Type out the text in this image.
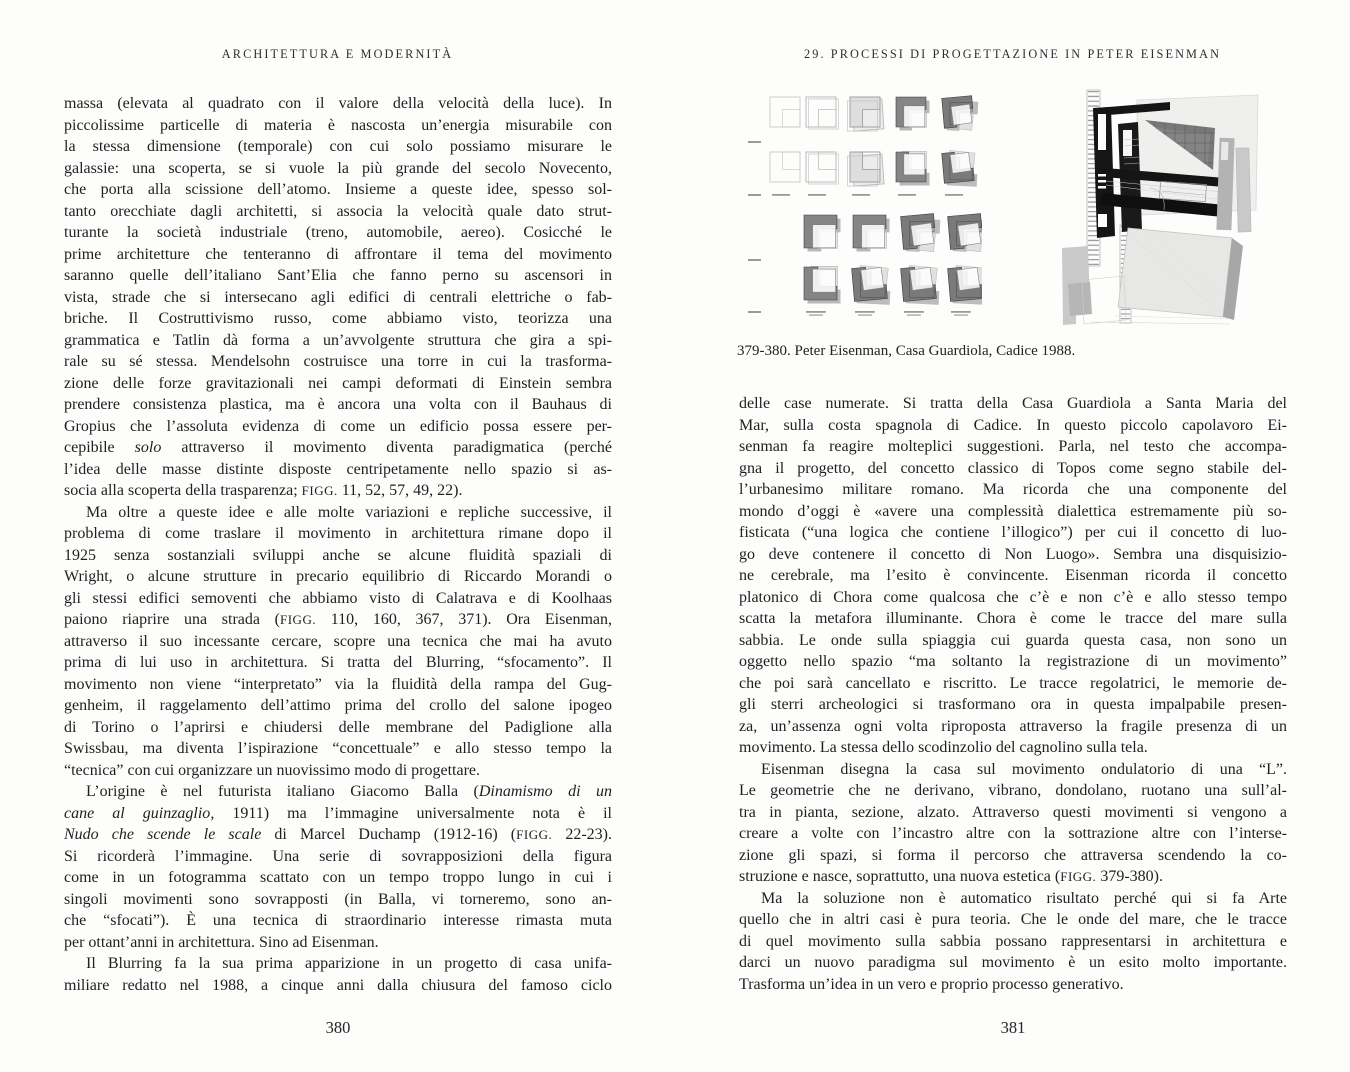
ARCHITETTURA E MODERNITÀ
massa (elevata al quadrato con il valore della velocità della luce). In
piccolissime particelle di materia è nascosta un’energia misurabile con
la stessa dimensione (temporale) con cui solo possiamo misurare le
galassie: una scoperta, se si vuole la più grande del secolo Novecento,
che porta alla scissione dell’atomo. Insieme a queste idee, spesso sol-
tanto orecchiate dagli architetti, si associa la velocità quale dato strut-
turante la società industriale (treno, automobile, aereo). Cosicché le
prime architetture che tenteranno di affrontare il tema del movimento
saranno quelle dell’italiano Sant’Elia che fanno perno su ascensori in
vista, strade che si intersecano agli edifici di centrali elettriche o fab-
briche. Il Costruttivismo russo, come abbiamo visto, teorizza una
grammatica e Tatlin dà forma a un’avvolgente struttura che gira a spi-
rale su sé stessa. Mendelsohn costruisce una torre in cui la trasforma-
zione delle forze gravitazionali nei campi deformati di Einstein sembra
prendere consistenza plastica, ma è ancora una volta con il Bauhaus di
Gropius che l’assoluta evidenza di come un edificio possa essere per-
cepibile solo attraverso il movimento diventa paradigmatica (perché
l’idea delle masse distinte disposte centripetamente nello spazio si as-
socia alla scoperta della trasparenza; FIGG. 11, 52, 57, 49, 22).
Ma oltre a queste idee e alle molte variazioni e repliche successive, il
problema di come traslare il movimento in architettura rimane dopo il
1925 senza sostanziali sviluppi anche se alcune fluidità spaziali di
Wright, o alcune strutture in precario equilibrio di Riccardo Morandi o
gli stessi edifici semoventi che abbiamo visto di Calatrava e di Koolhaas
paiono riaprire una strada (FIGG. 110, 160, 367, 371). Ora Eisenman,
attraverso il suo incessante cercare, scopre una tecnica che mai ha avuto
prima di lui uso in architettura. Si tratta del Blurring, “sfocamento”. Il
movimento non viene “interpretato” via la fluidità della rampa del Gug-
genheim, il raggelamento dell’attimo prima del crollo del salone ipogeo
di Torino o l’aprirsi e chiudersi delle membrane del Padiglione alla
Swissbau, ma diventa l’ispirazione “concettuale” e allo stesso tempo la
“tecnica” con cui organizzare un nuovissimo modo di progettare.
L’origine è nel futurista italiano Giacomo Balla (Dinamismo di un
cane al guinzaglio, 1911) ma l’immagine universalmente nota è il
Nudo che scende le scale di Marcel Duchamp (1912-16) (FIGG. 22-23).
Si ricorderà l’immagine. Una serie di sovrapposizioni della figura
come in un fotogramma scattato con un tempo troppo lungo in cui i
singoli movimenti sono sovrapposti (in Balla, vi torneremo, sono an-
che “sfocati”). È una tecnica di straordinario interesse rimasta muta
per ottant’anni in architettura. Sino ad Eisenman.
Il Blurring fa la sua prima apparizione in un progetto di casa unifa-
miliare redatto nel 1988, a cinque anni dalla chiusura del famoso ciclo
380
29. PROCESSI DI PROGETTAZIONE IN PETER EISENMAN
379-380. Peter Eisenman, Casa Guardiola, Cadice 1988.
delle case numerate. Si tratta della Casa Guardiola a Santa Maria del
Mar, sulla costa spagnola di Cadice. In questo piccolo capolavoro Ei-
senman fa reagire molteplici suggestioni. Parla, nel testo che accompa-
gna il progetto, del concetto classico di Topos come segno stabile del-
l’urbanesimo militare romano. Ma ricorda che una componente del
mondo d’oggi è «avere una complessità dialettica estremamente più so-
fisticata (“una logica che contiene l’illogico”) per cui il concetto di luo-
go deve contenere il concetto di Non Luogo». Sembra una disquisizio-
ne cerebrale, ma l’esito è convincente. Eisenman ricorda il concetto
platonico di Chora come qualcosa che c’è e non c’è e allo stesso tempo
scatta la metafora illuminante. Chora è come le tracce del mare sulla
sabbia. Le onde sulla spiaggia cui guarda questa casa, non sono un
oggetto nello spazio “ma soltanto la registrazione di un movimento”
che poi sarà cancellato e riscritto. Le tracce regolatrici, le memorie de-
gli sterri archeologici si trasformano ora in questa impalpabile presen-
za, un’assenza ogni volta riproposta attraverso la fragile presenza di un
movimento. La stessa dello scodinzolio del cagnolino sulla tela.
Eisenman disegna la casa sul movimento ondulatorio di una “L”.
Le geometrie che ne derivano, vibrano, dondolano, ruotano una sull’al-
tra in pianta, sezione, alzato. Attraverso questi movimenti si vengono a
creare a volte con l’incastro altre con la sottrazione altre con l’interse-
zione gli spazi, si forma il percorso che attraversa scendendo la co-
struzione e nasce, soprattutto, una nuova estetica (FIGG. 379-380).
Ma la soluzione non è automatico risultato perché qui si fa Arte
quello che in altri casi è pura teoria. Che le onde del mare, che le tracce
di quel movimento sulla sabbia possano rappresentarsi in architettura e
darci un nuovo paradigma sul movimento è un esito molto importante.
Trasforma un’idea in un vero e proprio processo generativo.
381
